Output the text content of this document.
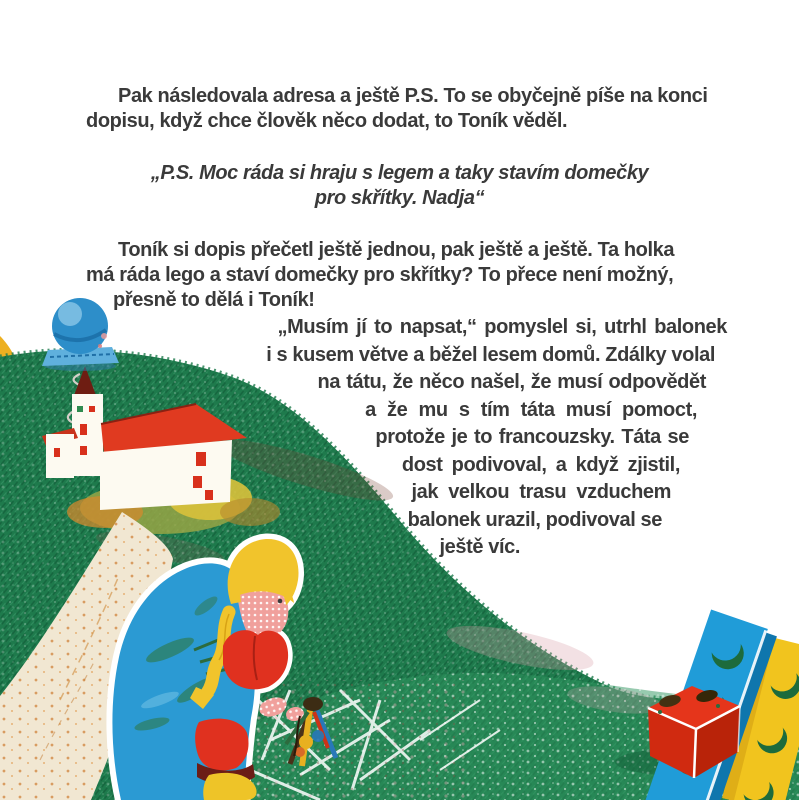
Pak následovala adresa a ještě P.S. To se obyčejně píše na konci
dopisu, když chce člověk něco dodat, to Toník věděl.
„P.S. Moc ráda si hraju s legem a taky stavím domečky
pro skřítky. Nadja“
Toník si dopis přečetl ještě jednou, pak ještě a ještě. Ta holka
má ráda lego a staví domečky pro skřítky? To přece není možný,
přesně to dělá i Toník!
„Musím jí to napsat,“ pomyslel si, utrhl balonek
i s kusem větve a běžel lesem domů. Zdálky volal
na tátu, že něco našel, že musí odpovědět
a že mu s tím táta musí pomoct,
protože je to francouzsky. Táta se
dost podivoval, a když zjistil,
jak velkou trasu vzduchem
balonek urazil, podivoval se
ještě víc.
